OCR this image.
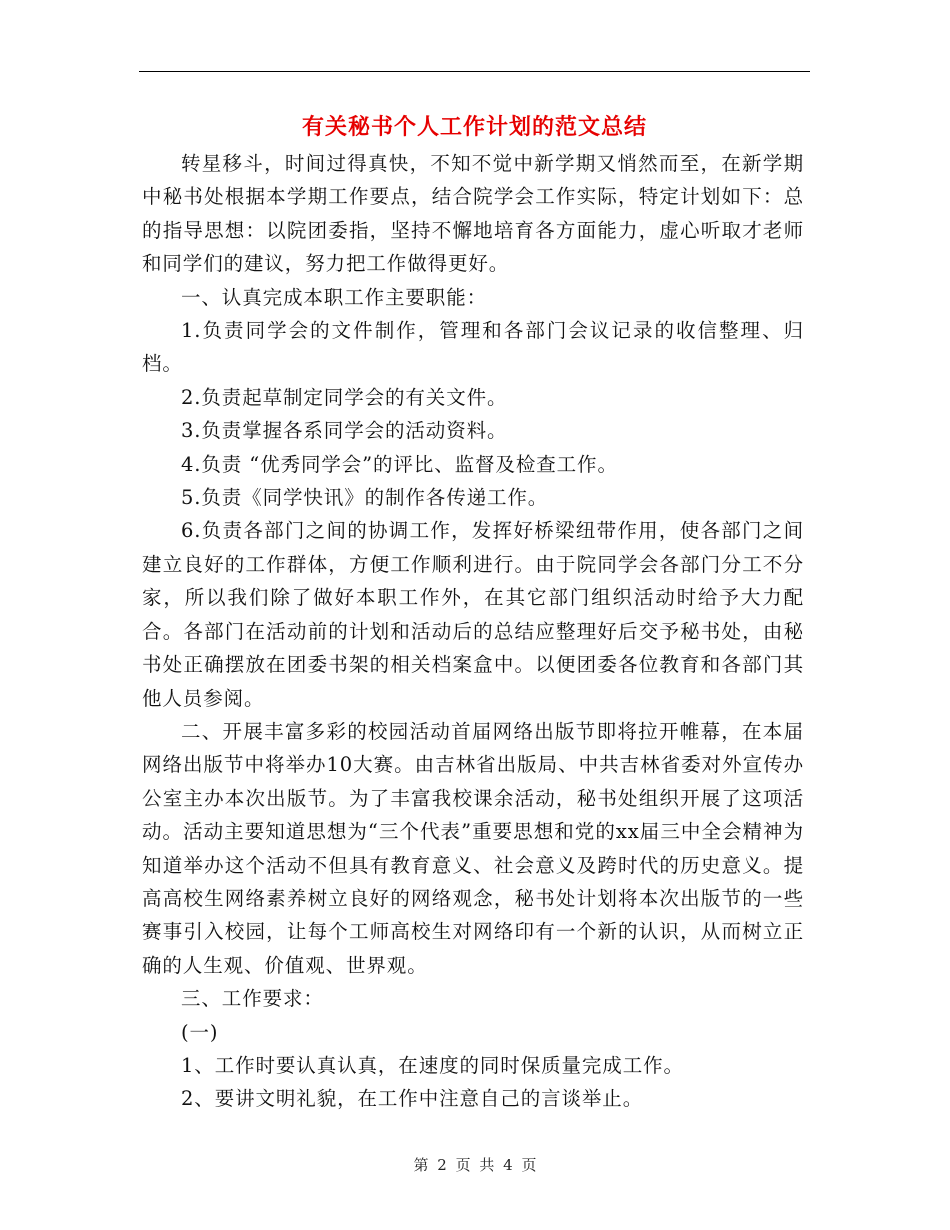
有关秘书个人工作计划的范文总结

转星移斗，时间过得真快，不知不觉中新学期又悄然而至，在新学期中秘书处根据本学期工作要点，结合院学会工作实际，特定计划如下：总的指导思想：以院团委指，坚持不懈地培育各方面能力，虚心听取才老师和同学们的建议，努力把工作做得更好。

一、认真完成本职工作主要职能：

1.负责同学会的文件制作，管理和各部门会议记录的收信整理、归档。

2.负责起草制定同学会的有关文件。

3.负责掌握各系同学会的活动资料。

4.负责 “优秀同学会”的评比、监督及检查工作。

5.负责《同学快讯》的制作各传递工作。

6.负责各部门之间的协调工作，发挥好桥梁纽带作用，使各部门之间建立良好的工作群体，方便工作顺利进行。由于院同学会各部门分工不分家，所以我们除了做好本职工作外，在其它部门组织活动时给予大力配合。各部门在活动前的计划和活动后的总结应整理好后交予秘书处，由秘书处正确摆放在团委书架的相关档案盒中。以便团委各位教育和各部门其他人员参阅。

二、开展丰富多彩的校园活动首届网络出版节即将拉开帷幕，在本届网络出版节中将举办10大赛。由吉林省出版局、中共吉林省委对外宣传办公室主办本次出版节。为了丰富我校课余活动，秘书处组织开展了这项活动。活动主要知道思想为“三个代表”重要思想和党的xx届三中全会精神为知道举办这个活动不但具有教育意义、社会意义及跨时代的历史意义。提高高校生网络素养树立良好的网络观念，秘书处计划将本次出版节的一些赛事引入校园，让每个工师高校生对网络印有一个新的认识，从而树立正确的人生观、价值观、世界观。

三、工作要求：

(一)

1、工作时要认真认真，在速度的同时保质量完成工作。

2、要讲文明礼貌，在工作中注意自己的言谈举止。

第 2 页 共 4 页
